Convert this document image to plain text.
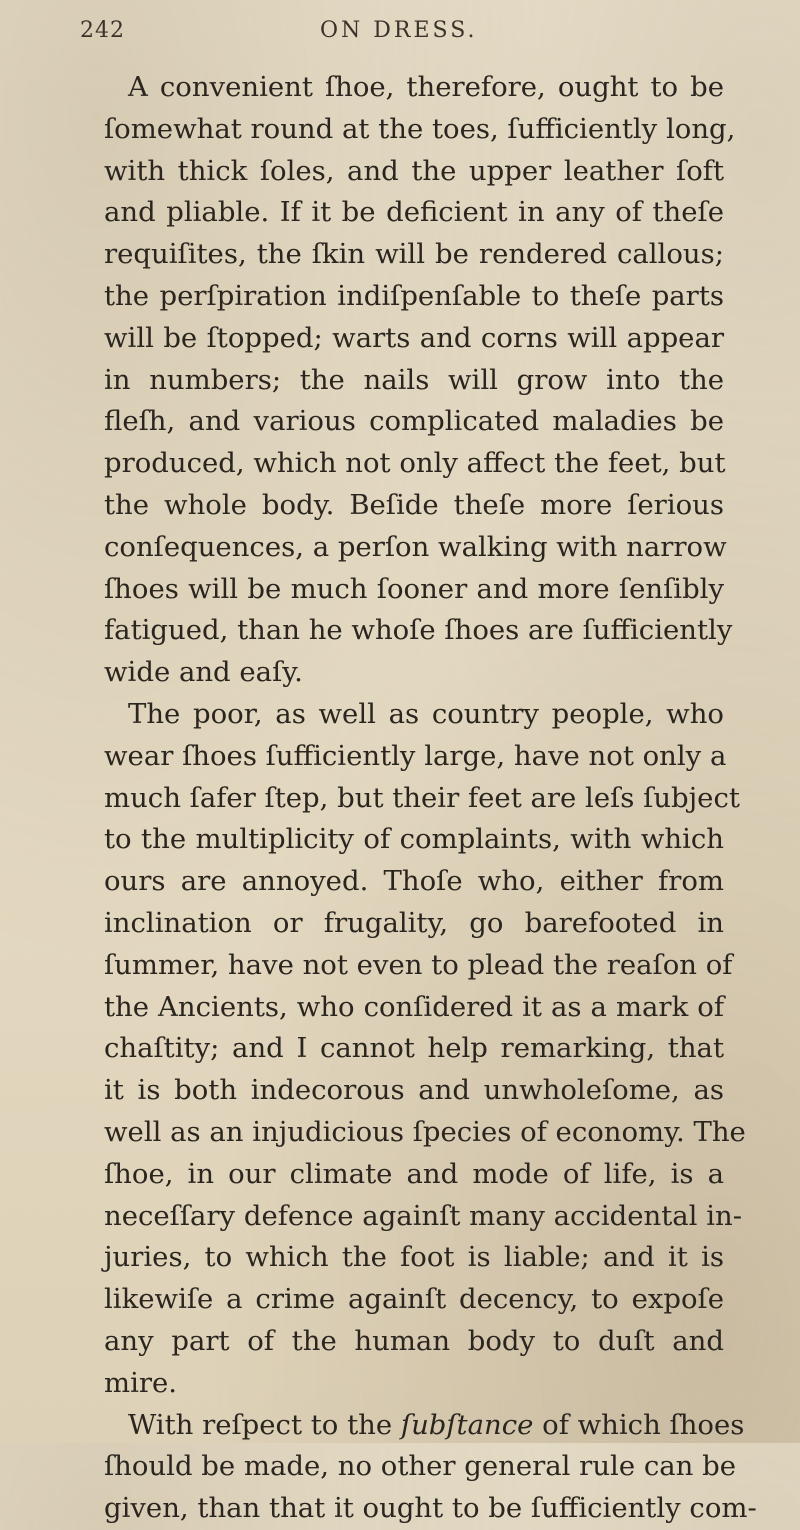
242	ON DRESS.
A convenient ſhoe, therefore, ought to be
ſomewhat round at the toes, ſufficiently long,
with thick ſoles, and the upper leather ſoft
and pliable. If it be deficient in any of theſe
requiſites, the ſkin will be rendered callous;
the perſpiration indiſpenſable to theſe parts
will be ſtopped; warts and corns will appear
in numbers; the nails will grow into the
fleſh, and various complicated maladies be
produced, which not only affect the feet, but
the whole body. Beſide theſe more ſerious
conſequences, a perſon walking with narrow
ſhoes will be much ſooner and more ſenſibly
fatigued, than he whoſe ſhoes are ſufficiently
wide and eaſy.
The poor, as well as country people, who
wear ſhoes ſufficiently large, have not only a
much ſafer ſtep, but their feet are leſs ſubject
to the multiplicity of complaints, with which
ours are annoyed. Thoſe who, either from
inclination or frugality, go barefooted in
ſummer, have not even to plead the reaſon of
the Ancients, who conſidered it as a mark of
chaſtity; and I cannot help remarking, that
it is both indecorous and unwholeſome, as
well as an injudicious ſpecies of economy. The
ſhoe, in our climate and mode of life, is a
neceſſary defence againſt many accidental in-
juries, to which the foot is liable; and it is
likewiſe a crime againſt decency, to expoſe
any part of the human body to duſt and
mire.
With reſpect to the ſubſtance of which ſhoes
ſhould be made, no other general rule can be
given, than that it ought to be ſufficiently com-
